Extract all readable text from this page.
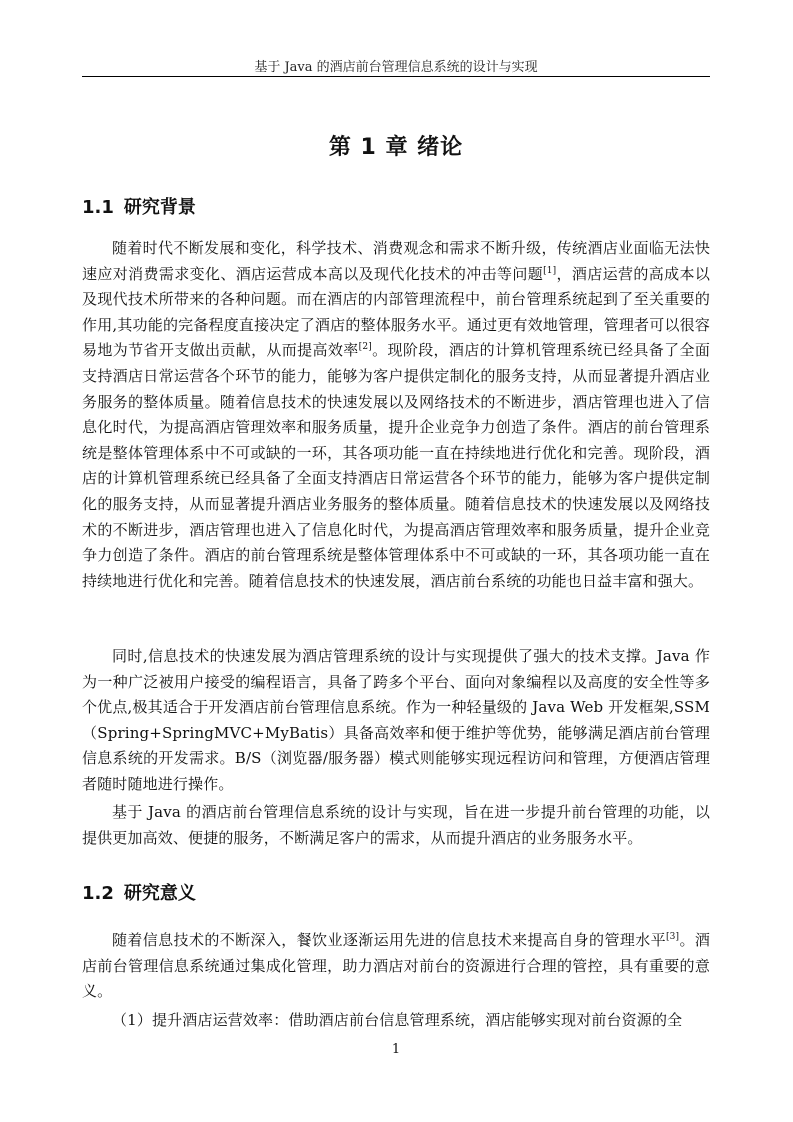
基于 Java 的酒店前台管理信息系统的设计与实现
第 1 章 绪论
1.1 研究背景

随着时代不断发展和变化，科学技术、消费观念和需求不断升级，传统酒店业面临无法快速应对消费需求变化、酒店运营成本高以及现代化技术的冲击等问题[1]，酒店运营的高成本以及现代技术所带来的各种问题。而在酒店的内部管理流程中，前台管理系统起到了至关重要的作用,其功能的完备程度直接决定了酒店的整体服务水平。通过更有效地管理，管理者可以很容易地为节省开支做出贡献，从而提高效率[2]。现阶段，酒店的计算机管理系统已经具备了全面支持酒店日常运营各个环节的能力，能够为客户提供定制化的服务支持，从而显著提升酒店业务服务的整体质量。随着信息技术的快速发展以及网络技术的不断进步，酒店管理也进入了信息化时代，为提高酒店管理效率和服务质量，提升企业竞争力创造了条件。酒店的前台管理系统是整体管理体系中不可或缺的一环，其各项功能一直在持续地进行优化和完善。现阶段，酒店的计算机管理系统已经具备了全面支持酒店日常运营各个环节的能力，能够为客户提供定制化的服务支持，从而显著提升酒店业务服务的整体质量。随着信息技术的快速发展以及网络技术的不断进步，酒店管理也进入了信息化时代，为提高酒店管理效率和服务质量，提升企业竞争力创造了条件。酒店的前台管理系统是整体管理体系中不可或缺的一环，其各项功能一直在持续地进行优化和完善。随着信息技术的快速发展，酒店前台系统的功能也日益丰富和强大。

同时,信息技术的快速发展为酒店管理系统的设计与实现提供了强大的技术支撑。Java 作为一种广泛被用户接受的编程语言，具备了跨多个平台、面向对象编程以及高度的安全性等多个优点,极其适合于开发酒店前台管理信息系统。作为一种轻量级的 Java Web 开发框架,SSM（Spring+SpringMVC+MyBatis）具备高效率和便于维护等优势，能够满足酒店前台管理信息系统的开发需求。B/S（浏览器/服务器）模式则能够实现远程访问和管理，方便酒店管理者随时随地进行操作。

基于 Java 的酒店前台管理信息系统的设计与实现，旨在进一步提升前台管理的功能，以提供更加高效、便捷的服务，不断满足客户的需求，从而提升酒店的业务服务水平。

1.2 研究意义

随着信息技术的不断深入，餐饮业逐渐运用先进的信息技术来提高自身的管理水平[3]。酒店前台管理信息系统通过集成化管理，助力酒店对前台的资源进行合理的管控，具有重要的意义。

（1）提升酒店运营效率：借助酒店前台信息管理系统，酒店能够实现对前台资源的全

1
